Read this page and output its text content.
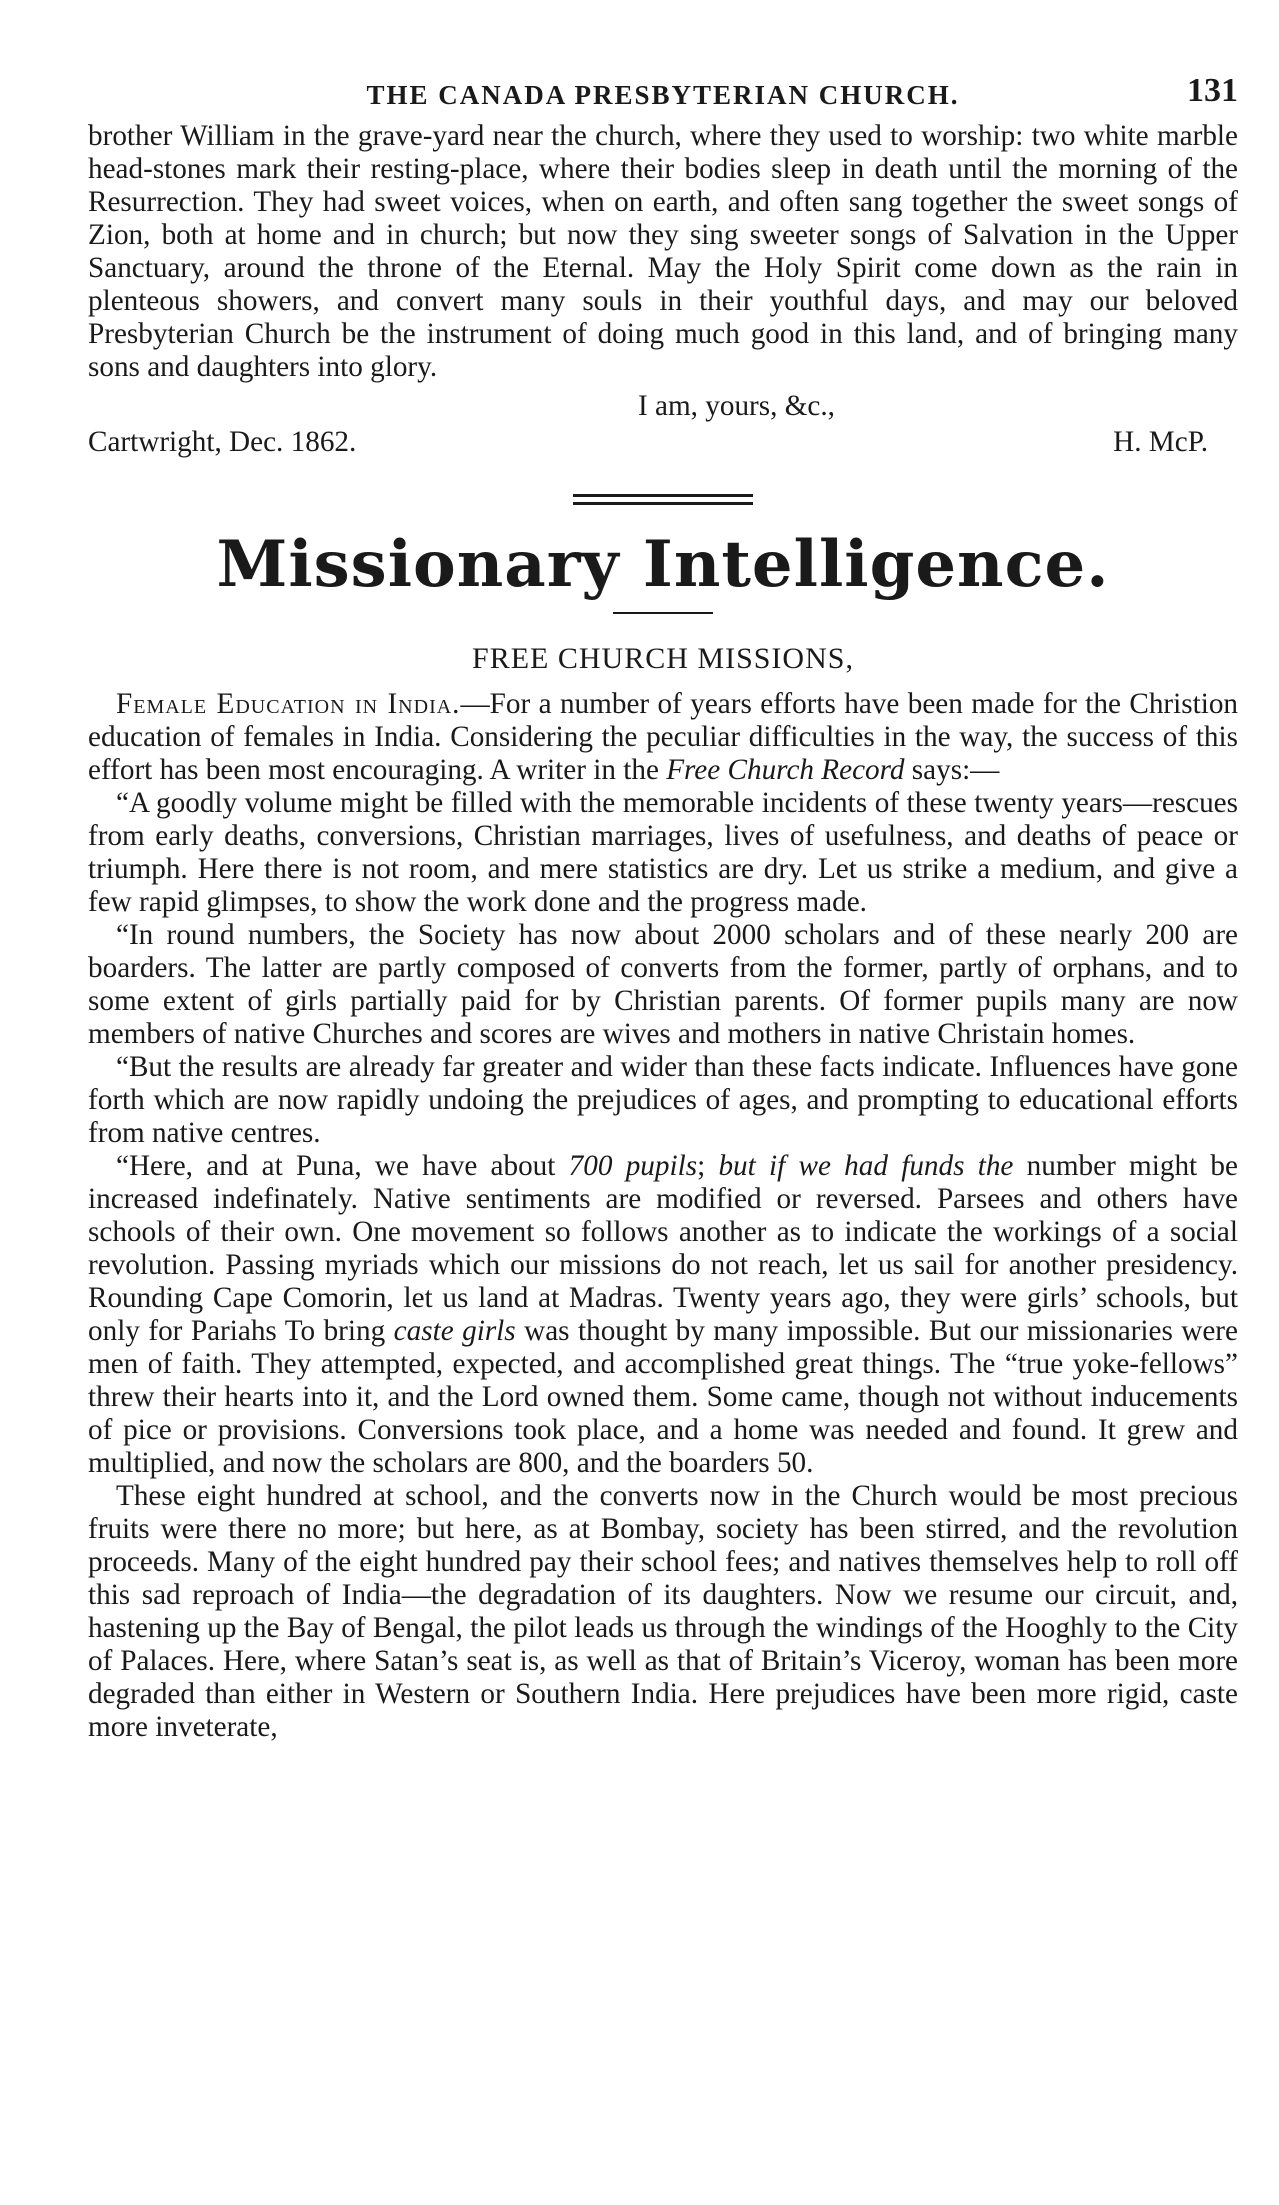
THE CANADA PRESBYTERIAN CHURCH.	131

brother William in the grave-yard near the church, where they used to worship: two white marble head-stones mark their resting-place, where their bodies sleep in death until the morning of the Resurrection. They had sweet voices, when on earth, and often sang together the sweet songs of Zion, both at home and in church; but now they sing sweeter songs of Salvation in the Upper Sanctuary, around the throne of the Eternal. May the Holy Spirit come down as the rain in plenteous showers, and convert many souls in their youthful days, and may our beloved Presbyterian Church be the instrument of doing much good in this land, and of bringing many sons and daughters into glory.

I am, yours, &c.,
Cartwright, Dec. 1862.	H. McP.
Missionary Intelligence.
FREE CHURCH MISSIONS,

Female Education in India.—For a number of years efforts have been made for the Christion education of females in India. Considering the peculiar difficulties in the way, the success of this effort has been most encouraging. A writer in the Free Church Record says:—

“A goodly volume might be filled with the memorable incidents of these twenty years—rescues from early deaths, conversions, Christian marriages, lives of usefulness, and deaths of peace or triumph. Here there is not room, and mere statistics are dry. Let us strike a medium, and give a few rapid glimpses, to show the work done and the progress made.

“In round numbers, the Society has now about 2000 scholars and of these nearly 200 are boarders. The latter are partly composed of converts from the former, partly of orphans, and to some extent of girls partially paid for by Christian parents. Of former pupils many are now members of native Churches and scores are wives and mothers in native Christain homes.

“But the results are already far greater and wider than these facts indicate. Influences have gone forth which are now rapidly undoing the prejudices of ages, and prompting to educational efforts from native centres.

“Here, and at Puna, we have about 700 pupils; but if we had funds the number might be increased indefinately. Native sentiments are modified or reversed. Parsees and others have schools of their own. One movement so follows another as to indicate the workings of a social revolution. Passing myriads which our missions do not reach, let us sail for another presidency. Rounding Cape Comorin, let us land at Madras. Twenty years ago, they were girls’ schools, but only for Pariahs To bring caste girls was thought by many impossible. But our missionaries were men of faith. They attempted, expected, and accomplished great things. The “true yoke-fellows” threw their hearts into it, and the Lord owned them. Some came, though not without inducements of pice or provisions. Conversions took place, and a home was needed and found. It grew and multiplied, and now the scholars are 800, and the boarders 50.

These eight hundred at school, and the converts now in the Church would be most precious fruits were there no more; but here, as at Bombay, society has been stirred, and the revolution proceeds. Many of the eight hundred pay their school fees; and natives themselves help to roll off this sad reproach of India—the degradation of its daughters. Now we resume our circuit, and, hastening up the Bay of Bengal, the pilot leads us through the windings of the Hooghly to the City of Palaces. Here, where Satan’s seat is, as well as that of Britain’s Viceroy, woman has been more degraded than either in Western or Southern India. Here prejudices have been more rigid, caste more inveterate,
